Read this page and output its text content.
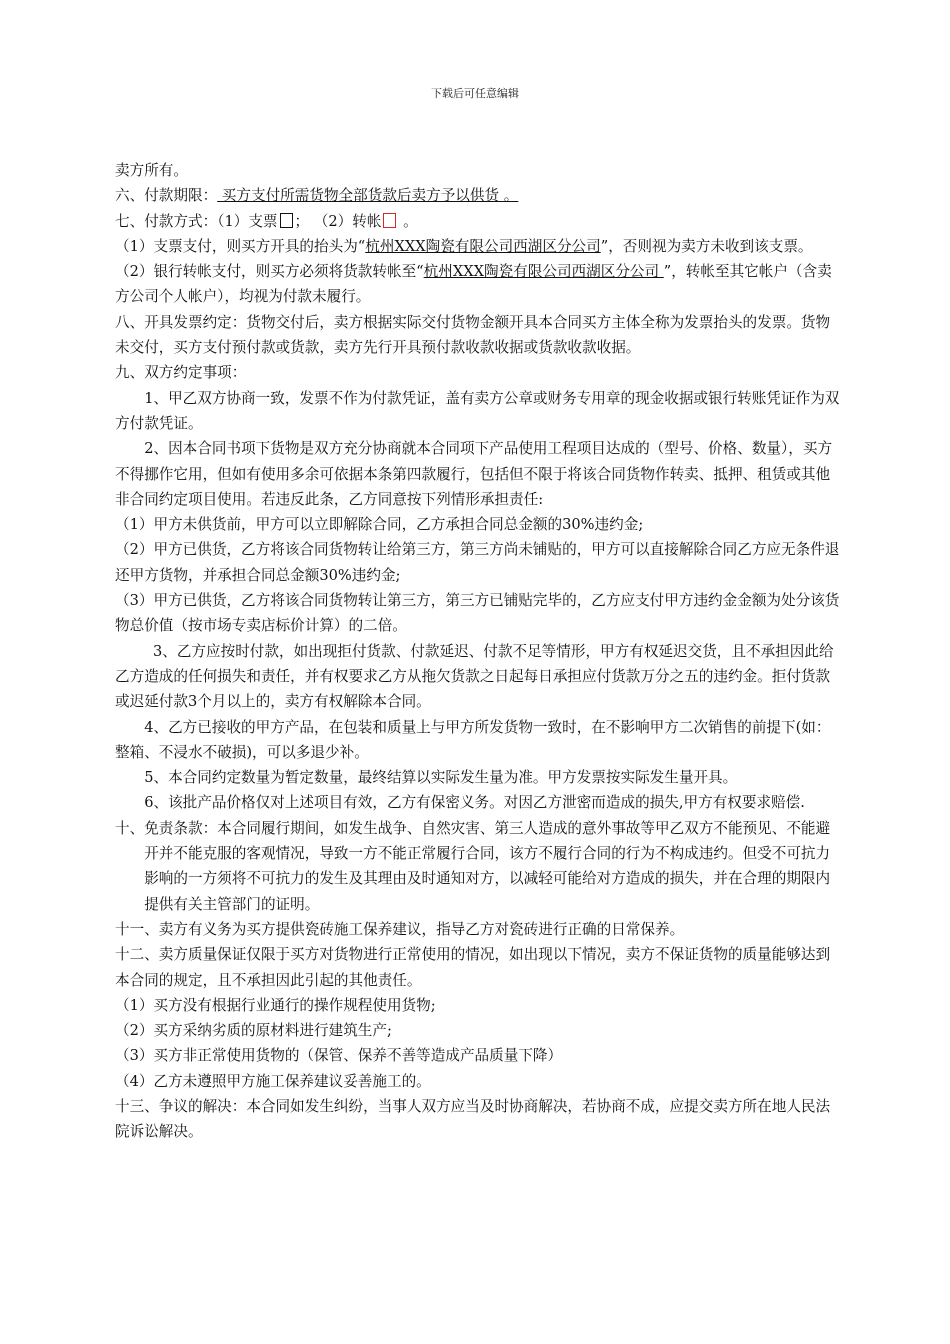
下载后可任意编辑

卖方所有。

六、付款期限： 买方支付所需货物全部货款后卖方予以供货 。

七、付款方式：（1）支票 ； （2）转帐 。

（1）支票支付，则买方开具的抬头为“杭州XXX陶瓷有限公司西湖区分公司”，否则视为卖方未收到该支票。

（2）银行转帐支付，则买方必须将货款转帐至“杭州XXX陶瓷有限公司西湖区分公司 ”，转帐至其它帐户（含卖方公司个人帐户），均视为付款未履行。

八、开具发票约定：货物交付后，卖方根据实际交付货物金额开具本合同买方主体全称为发票抬头的发票。货物未交付，买方支付预付款或货款，卖方先行开具预付款收款收据或货款收款收据。

九、双方约定事项：

1、甲乙双方协商一致，发票不作为付款凭证，盖有卖方公章或财务专用章的现金收据或银行转账凭证作为双方付款凭证。

2、因本合同书项下货物是双方充分协商就本合同项下产品使用工程项目达成的（型号、价格、数量），买方不得挪作它用，但如有使用多余可依据本条第四款履行，包括但不限于将该合同货物作转卖、抵押、租赁或其他非合同约定项目使用。若违反此条，乙方同意按下列情形承担责任:

（1）甲方未供货前，甲方可以立即解除合同，乙方承担合同总金额的30%违约金;

（2）甲方已供货，乙方将该合同货物转让给第三方，第三方尚未铺贴的，甲方可以直接解除合同乙方应无条件退还甲方货物，并承担合同总金额30%违约金;

（3）甲方已供货，乙方将该合同货物转让第三方，第三方已铺贴完毕的，乙方应支付甲方违约金金额为处分该货物总价值（按市场专卖店标价计算）的二倍。

3、乙方应按时付款，如出现拒付货款、付款延迟、付款不足等情形，甲方有权延迟交货，且不承担因此给乙方造成的任何损失和责任，并有权要求乙方从拖欠货款之日起每日承担应付货款万分之五的违约金。拒付货款或迟延付款3个月以上的，卖方有权解除本合同。

4、乙方已接收的甲方产品，在包装和质量上与甲方所发货物一致时，在不影响甲方二次销售的前提下(如：整箱、不浸水不破损)，可以多退少补。

5、本合同约定数量为暂定数量，最终结算以实际发生量为准。甲方发票按实际发生量开具。

6、该批产品价格仅对上述项目有效，乙方有保密义务。对因乙方泄密而造成的损失,甲方有权要求赔偿.

十、免责条款：本合同履行期间，如发生战争、自然灾害、第三人造成的意外事故等甲乙双方不能预见、不能避开并不能克服的客观情况，导致一方不能正常履行合同，该方不履行合同的行为不构成违约。但受不可抗力影响的一方须将不可抗力的发生及其理由及时通知对方，以减轻可能给对方造成的损失，并在合理的期限内提供有关主管部门的证明。

十一、卖方有义务为买方提供瓷砖施工保养建议，指导乙方对瓷砖进行正确的日常保养。

十二、卖方质量保证仅限于买方对货物进行正常使用的情况，如出现以下情况，卖方不保证货物的质量能够达到本合同的规定，且不承担因此引起的其他责任。

（1）买方没有根据行业通行的操作规程使用货物;

（2）买方采纳劣质的原材料进行建筑生产;

（3）买方非正常使用货物的（保管、保养不善等造成产品质量下降）

（4）乙方未遵照甲方施工保养建议妥善施工的。

十三、争议的解决：本合同如发生纠纷，当事人双方应当及时协商解决，若协商不成，应提交卖方所在地人民法院诉讼解决。
